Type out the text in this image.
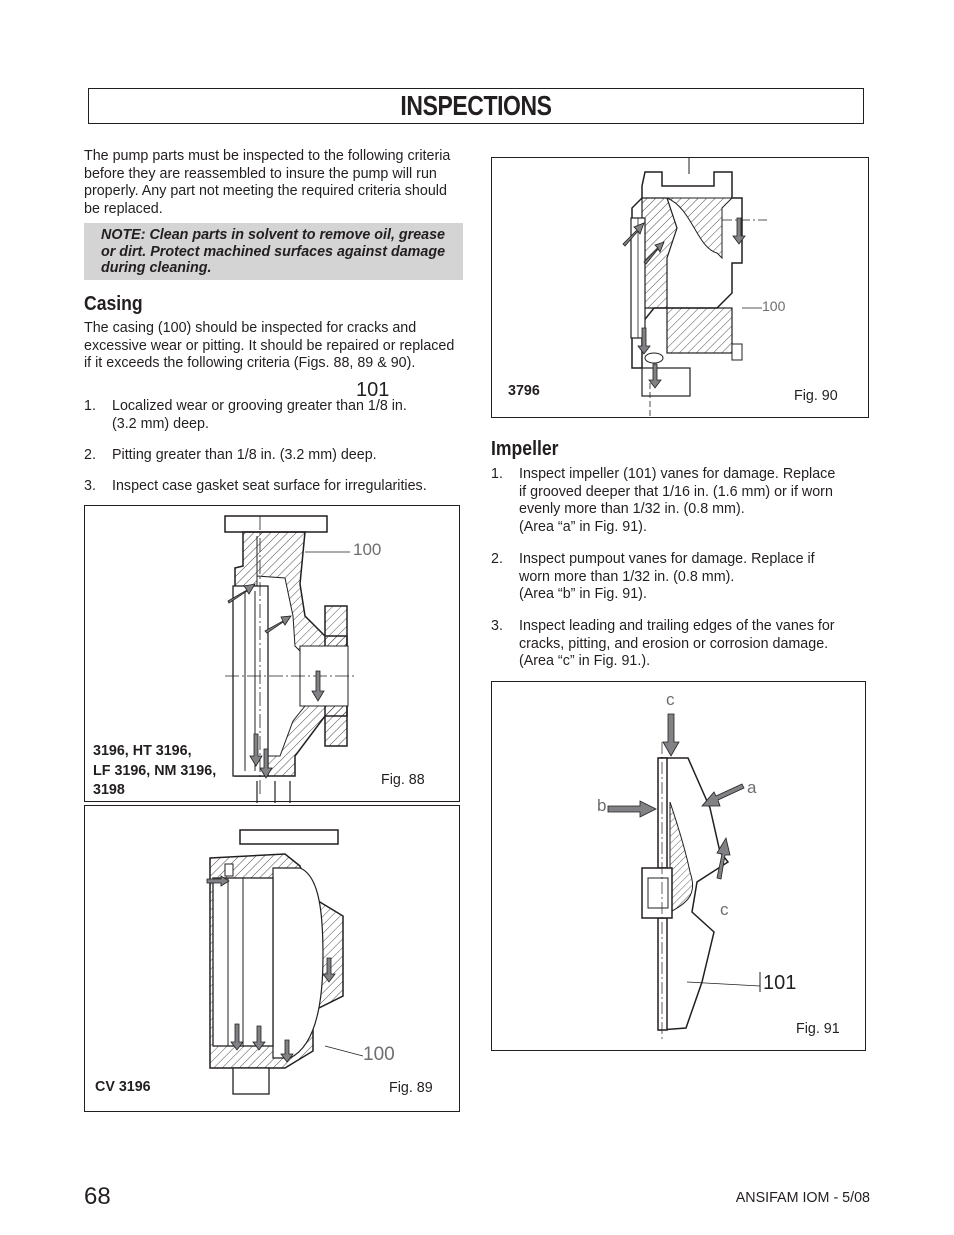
INSPECTIONS

The pump parts must be inspected to the following criteria before they are reassembled to insure the pump will run properly. Any part not meeting the required criteria should be replaced.

NOTE: Clean parts in solvent to remove oil, grease or dirt. Protect machined surfaces against damage during cleaning.
Casing

The casing (100) should be inspected for cracks and excessive wear or pitting. It should be repaired or replaced if it exceeds the following criteria (Figs. 88, 89 & 90).

101
1. Localized wear or grooving greater than 1/8 in.
(3.2 mm) deep.
2. Pitting greater than 1/8 in. (3.2 mm) deep.
3. Inspect case gasket seat surface for irregularities.
100
3196, HT 3196,
LF 3196, NM 3196,
3198
Fig. 88
100
CV 3196	Fig. 89
100
3796	Fig. 90
Impeller
1. Inspect impeller (101) vanes for damage. Replace
if grooved deeper that 1/16 in. (1.6 mm) or if worn
evenly more than 1/32 in. (0.8 mm).
(Area “a” in Fig. 91).
2. Inspect pumpout vanes for damage. Replace if
worn more than 1/32 in. (0.8 mm).
(Area “b” in Fig. 91).
3. Inspect leading and trailing edges of the vanes for
cracks, pitting, and erosion or corrosion damage.
(Area “c” in Fig. 91.).
c
a
b
c
101
Fig. 91
68	ANSIFAM IOM - 5/08
